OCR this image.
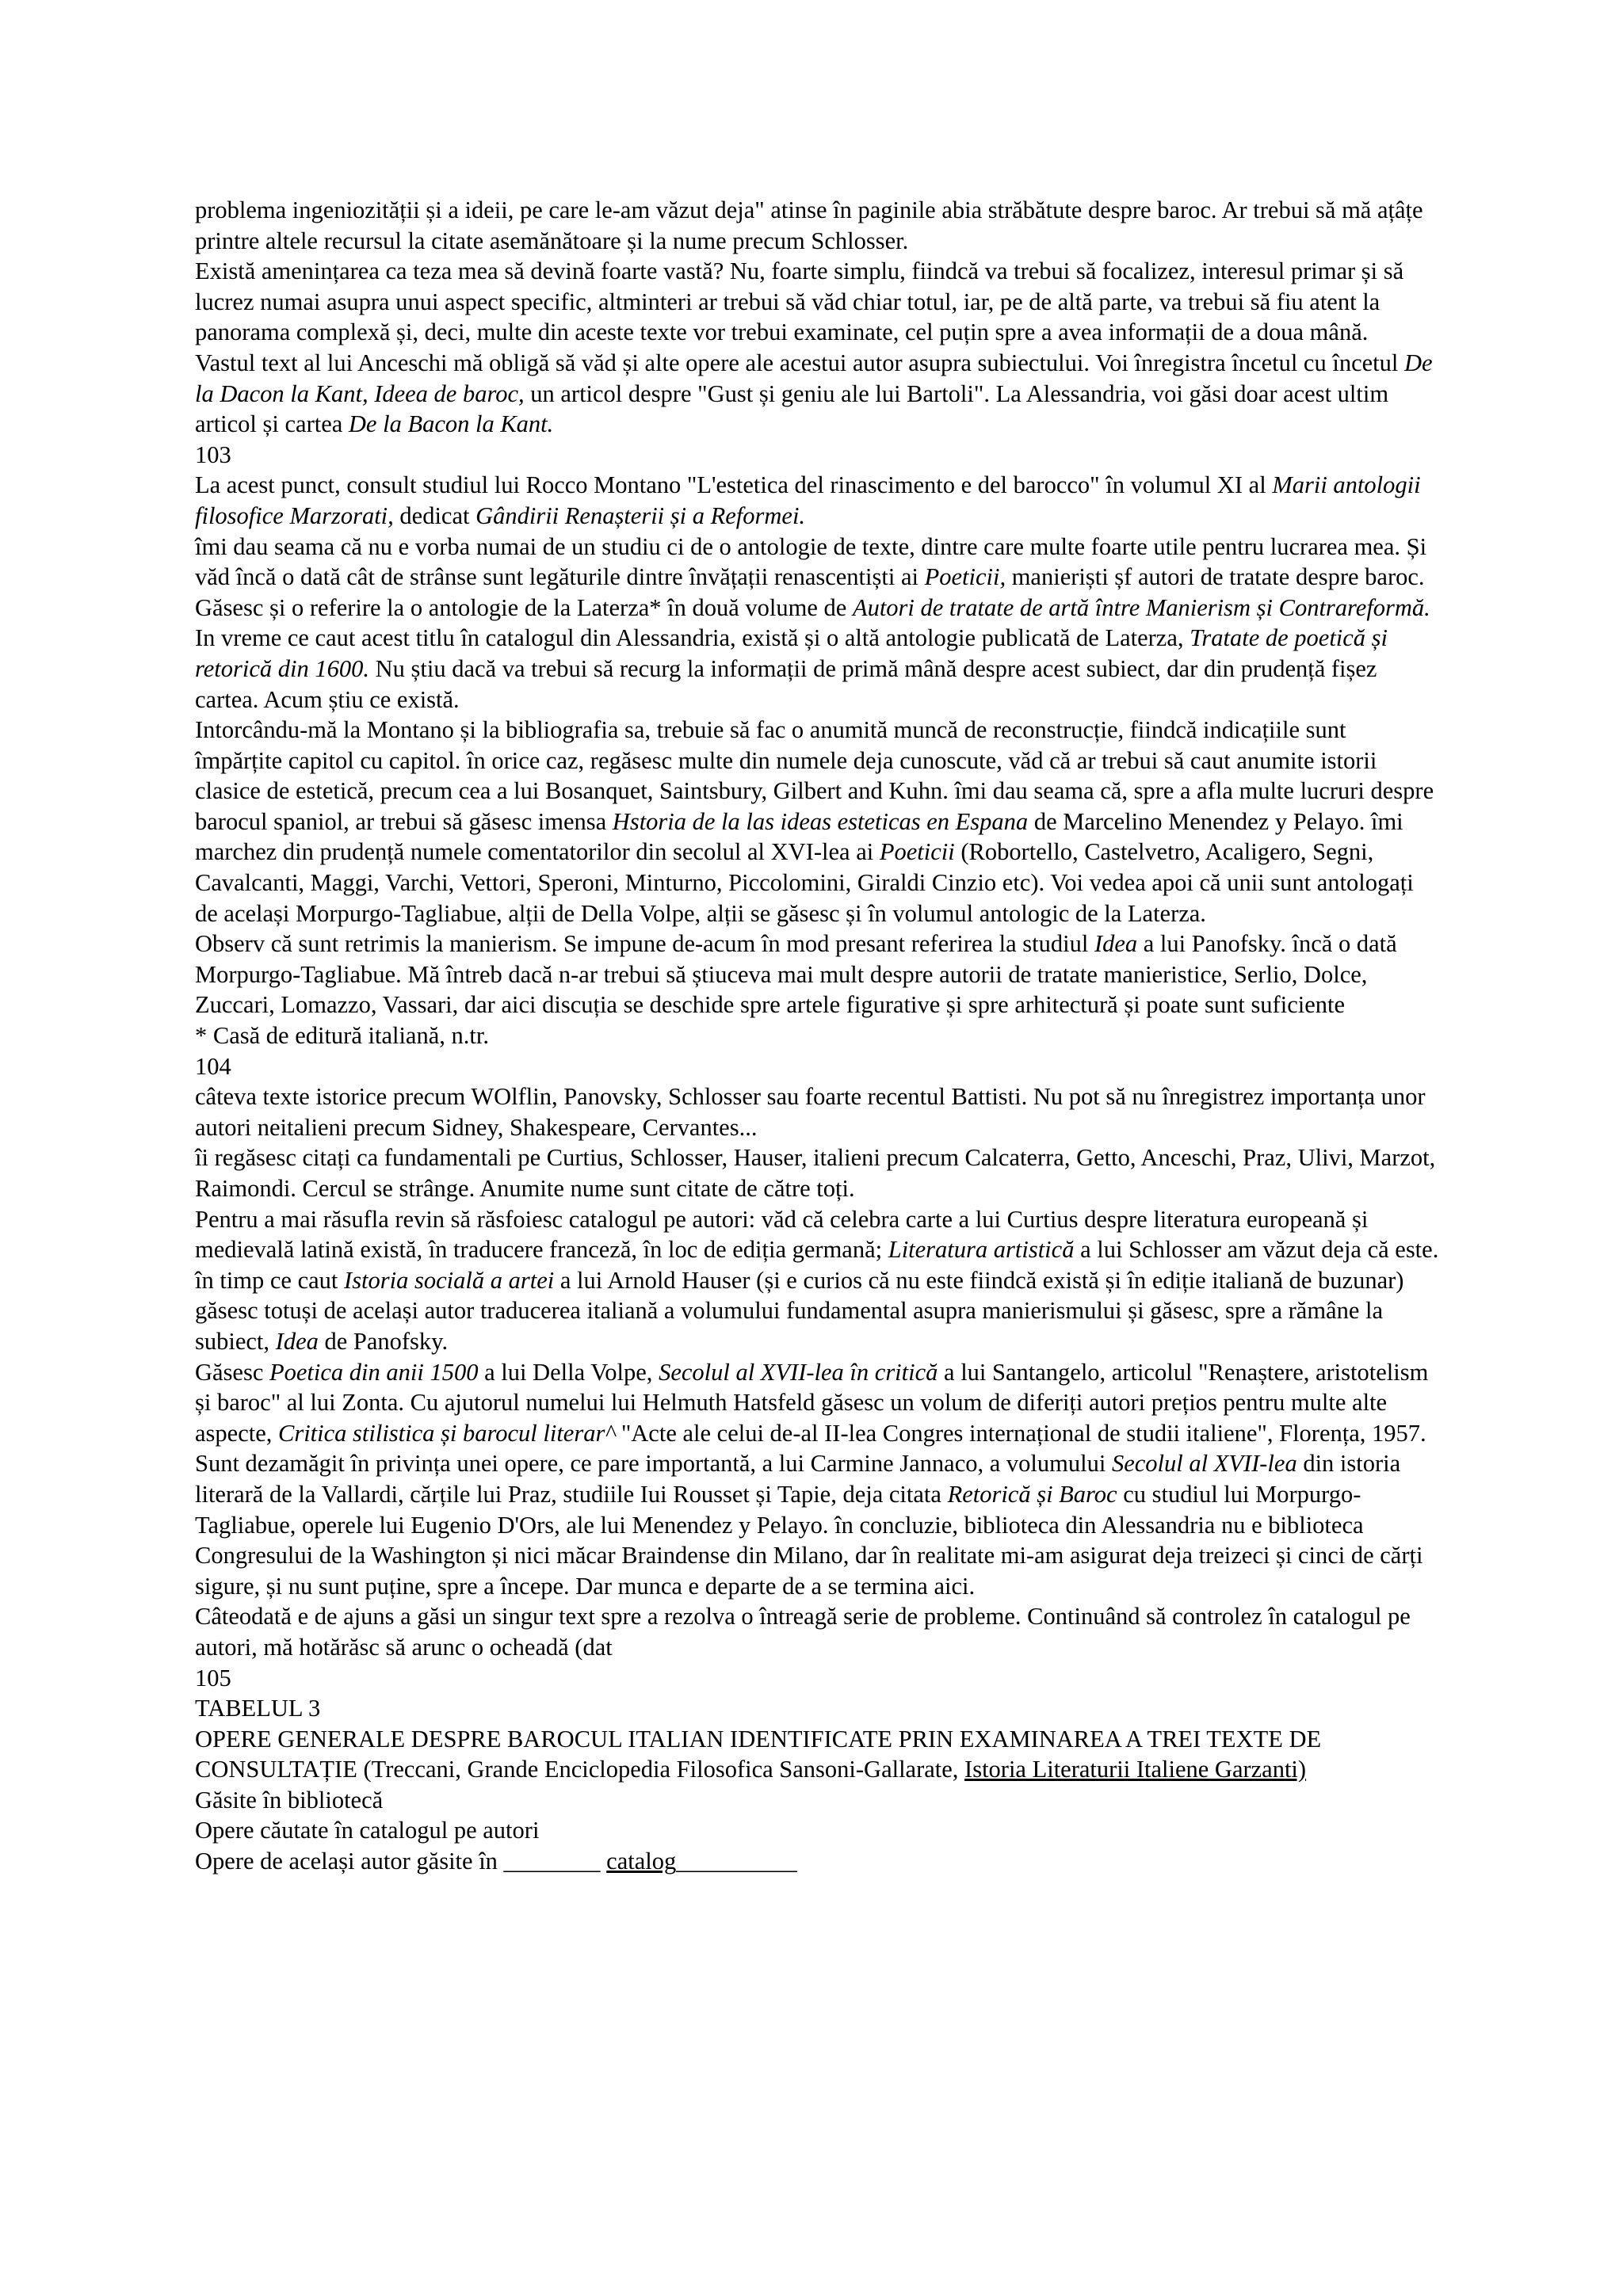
problema ingeniozității și a ideii, pe care le-am văzut deja" atinse în paginile abia străbătute despre baroc. Ar trebui să mă ațâțe printre altele recursul la citate asemănătoare și la nume precum Schlosser.

Există amenințarea ca teza mea să devină foarte vastă? Nu, foarte simplu, fiindcă va trebui să focalizez, interesul primar și să lucrez numai asupra unui aspect specific, altminteri ar trebui să văd chiar totul, iar, pe de altă parte, va trebui să fiu atent la panorama complexă și, deci, multe din aceste texte vor trebui examinate, cel puțin spre a avea informații de a doua mână.

Vastul text al lui Anceschi mă obligă să văd și alte opere ale acestui autor asupra subiectului. Voi înregistra încetul cu încetul De la Dacon la Kant, Ideea de baroc, un articol despre "Gust și geniu ale lui Bartoli". La Alessandria, voi găsi doar acest ultim articol și cartea De la Bacon la Kant.

103

La acest punct, consult studiul lui Rocco Montano "L'estetica del rinascimento e del barocco" în volumul XI al Marii antologii filosofice Marzorati, dedicat Gândirii Renașterii și a Reformei.

îmi dau seama că nu e vorba numai de un studiu ci de o antologie de texte, dintre care multe foarte utile pentru lucrarea mea. Și văd încă o dată cât de strânse sunt legăturile dintre învățații renascentiști ai Poeticii, manieriști șf autori de tratate despre baroc. Găsesc și o referire la o antologie de la Laterza* în două volume de Autori de tratate de artă între Manierism și Contrareformă. In vreme ce caut acest titlu în catalogul din Alessandria, există și o altă antologie publicată de Laterza, Tratate de poetică și retorică din 1600. Nu știu dacă va trebui să recurg la informații de primă mână despre acest subiect, dar din prudență fișez cartea. Acum știu ce există.

Intorcându-mă la Montano și la bibliografia sa, trebuie să fac o anumită muncă de reconstrucție, fiindcă indicațiile sunt împărțite capitol cu capitol. în orice caz, regăsesc multe din numele deja cunoscute, văd că ar trebui să caut anumite istorii clasice de estetică, precum cea a lui Bosanquet, Saintsbury, Gilbert and Kuhn. îmi dau seama că, spre a afla multe lucruri despre barocul spaniol, ar trebui să găsesc imensa Hstoria de la las ideas esteticas en Espana de Marcelino Menendez y Pelayo. îmi marchez din prudență numele comentatorilor din secolul al XVI-lea ai Poeticii (Robortello, Castelvetro, Acaligero, Segni, Cavalcanti, Maggi, Varchi, Vettori, Speroni, Minturno, Piccolomini, Giraldi Cinzio etc). Voi vedea apoi că unii sunt antologați de același Morpurgo-Tagliabue, alții de Della Volpe, alții se găsesc și în volumul antologic de la Laterza.

Observ că sunt retrimis la manierism. Se impune de-acum în mod presant referirea la studiul Idea a lui Panofsky. încă o dată Morpurgo-Tagliabue. Mă întreb dacă n-ar trebui să știuceva mai mult despre autorii de tratate manieristice, Serlio, Dolce, Zuccari, Lomazzo, Vassari, dar aici discuția se deschide spre artele figurative și spre arhitectură și poate sunt suficiente

* Casă de editură italiană, n.tr.

104

câteva texte istorice precum WOlflin, Panovsky, Schlosser sau foarte recentul Battisti. Nu pot să nu înregistrez importanța unor autori neitalieni precum Sidney, Shakespeare, Cervantes...

îi regăsesc citați ca fundamentali pe Curtius, Schlosser, Hauser, italieni precum Calcaterra, Getto, Anceschi, Praz, Ulivi, Marzot, Raimondi. Cercul se strânge. Anumite nume sunt citate de către toți.

Pentru a mai răsufla revin să răsfoiesc catalogul pe autori: văd că celebra carte a lui Curtius despre literatura europeană și medievală latină există, în traducere franceză, în loc de ediția germană; Literatura artistică a lui Schlosser am văzut deja că este. în timp ce caut Istoria socială a artei a lui Arnold Hauser (și e curios că nu este fiindcă există și în ediție italiană de buzunar) găsesc totuși de același autor traducerea italiană a volumului fundamental asupra manierismului și găsesc, spre a rămâne la subiect, Idea de Panofsky.

Găsesc Poetica din anii 1500 a lui Della Volpe, Secolul al XVII-lea în critică a lui Santangelo, articolul "Renaștere, aristotelism și baroc" al lui Zonta. Cu ajutorul numelui lui Helmuth Hatsfeld găsesc un volum de diferiți autori prețios pentru multe alte aspecte, Critica stilistica și barocul literar^ "Acte ale celui de-al II-lea Congres internațional de studii italiene", Florența, 1957. Sunt dezamăgit în privința unei opere, ce pare importantă, a lui Carmine Jannaco, a volumului Secolul al XVII-lea din istoria literară de la Vallardi, cărțile lui Praz, studiile Iui Rousset și Tapie, deja citata Retorică și Baroc cu studiul lui Morpurgo-Tagliabue, operele lui Eugenio D'Ors, ale lui Menendez y Pelayo. în concluzie, biblioteca din Alessandria nu e biblioteca Congresului de la Washington și nici măcar Braindense din Milano, dar în realitate mi-am asigurat deja treizeci și cinci de cărți sigure, și nu sunt puține, spre a începe. Dar munca e departe de a se termina aici.

Câteodată e de ajuns a găsi un singur text spre a rezolva o întreagă serie de probleme. Continuând să controlez în catalogul pe autori, mă hotărăsc să arunc o ocheadă (dat

105

TABELUL 3

OPERE GENERALE DESPRE BAROCUL ITALIAN IDENTIFICATE PRIN EXAMINAREA A TREI TEXTE DE CONSULTAȚIE (Treccani, Grande Enciclopedia Filosofica Sansoni-Gallarate, Istoria Literaturii Italiene Garzanti)

Găsite în bibliotecă

Opere căutate în catalogul pe autori

Opere de același autor găsite în ________ catalog__________
